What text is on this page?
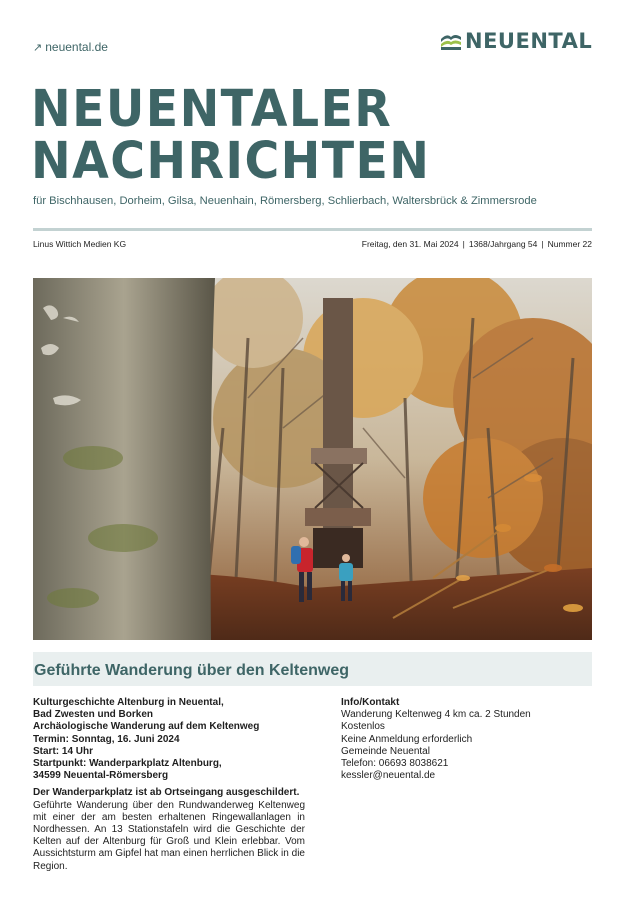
↗ neuental.de	NEUENTAL
NEUENTALER
NACHRICHTEN
für Bischhausen, Dorheim, Gilsa, Neuenhain, Römersberg, Schlierbach, Waltersbrück & Zimmersrode
Linus Wittich Medien KG	Freitag, den 31. Mai 2024 | 1368/Jahrgang 54 | Nummer 22
Geführte Wanderung über den Keltenweg
Kulturgeschichte Altenburg in Neuental,
Bad Zwesten und Borken
Archäologische Wanderung auf dem Keltenweg
Termin: Sonntag, 16. Juni 2024
Start: 14 Uhr
Startpunkt: Wanderparkplatz Altenburg,
34599 Neuental-Römersberg
Der Wanderparkplatz ist ab Ortseingang ausgeschildert.
Geführte Wanderung über den Rundwanderweg Keltenweg mit einer der am besten erhaltenen Ringewallanlagen in Nordhessen. An 13 Stationstafeln wird die Geschichte der Kelten auf der Altenburg für Groß und Klein erlebbar. Vom Aussichtsturm am Gipfel hat man einen herrlichen Blick in die Region.
Info/Kontakt
Wanderung Keltenweg 4 km ca. 2 Stunden
Kostenlos
Keine Anmeldung erforderlich
Gemeinde Neuental
Telefon: 06693 8038621
kessler@neuental.de
